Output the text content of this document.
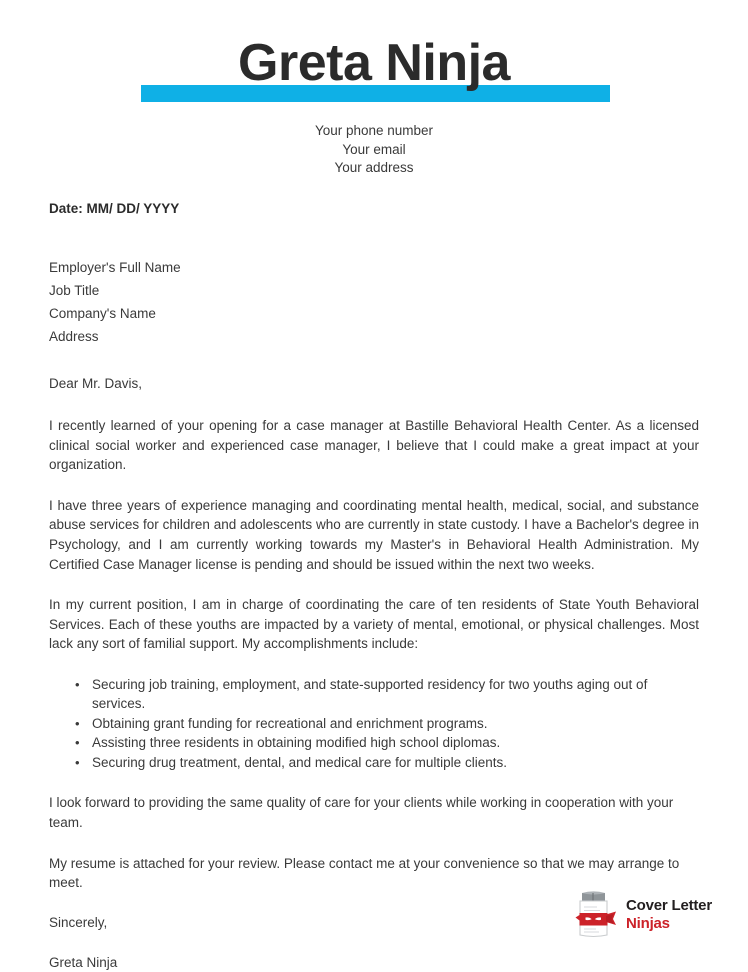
Greta Ninja
Your phone number
Your email
Your address
Date: MM/ DD/ YYYY
Employer's Full Name
Job Title
Company's Name
Address
Dear Mr. Davis,

I recently learned of your opening for a case manager at Bastille Behavioral Health Center. As a licensed clinical social worker and experienced case manager, I believe that I could make a great impact at your organization.

I have three years of experience managing and coordinating mental health, medical, social, and substance abuse services for children and adolescents who are currently in state custody. I have a Bachelor's degree in Psychology, and I am currently working towards my Master's in Behavioral Health Administration. My Certified Case Manager license is pending and should be issued within the next two weeks.

In my current position, I am in charge of coordinating the care of ten residents of State Youth Behavioral Services. Each of these youths are impacted by a variety of mental, emotional, or physical challenges. Most lack any sort of familial support. My accomplishments include:

• Securing job training, employment, and state-supported residency for two youths aging out of services.
• Obtaining grant funding for recreational and enrichment programs.
• Assisting three residents in obtaining modified high school diplomas.
• Securing drug treatment, dental, and medical care for multiple clients.

I look forward to providing the same quality of care for your clients while working in cooperation with your team.

My resume is attached for your review. Please contact me at your convenience so that we may arrange to meet.

Sincerely,
Greta Ninja
Cover Letter
Ninjas
